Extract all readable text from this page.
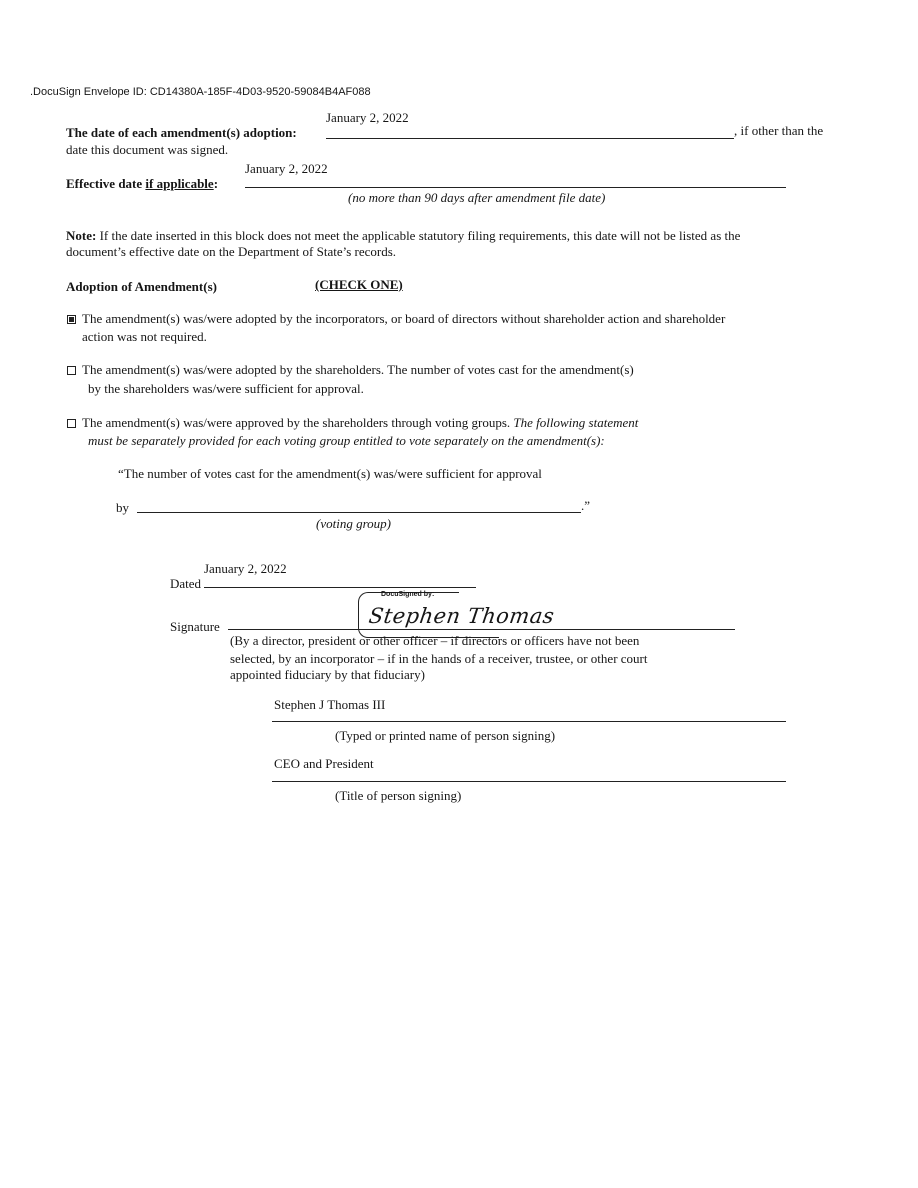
.DocuSign Envelope ID: CD14380A-185F-4D03-9520-59084B4AF088
January 2, 2022
The date of each amendment(s) adoption:	, if other than the
date this document was signed.
January 2, 2022
Effective date if applicable:
(no more than 90 days after amendment file date)
Note: If the date inserted in this block does not meet the applicable statutory filing requirements, this date will not be listed as the
document’s effective date on the Department of State’s records.
Adoption of Amendment(s)	(CHECK ONE)
The amendment(s) was/were adopted by the incorporators, or board of directors without shareholder action and shareholder
action was not required.
The amendment(s) was/were adopted by the shareholders. The number of votes cast for the amendment(s)
by the shareholders was/were sufficient for approval.
The amendment(s) was/were approved by the shareholders through voting groups. The following statement
must be separately provided for each voting group entitled to vote separately on the amendment(s):
“The number of votes cast for the amendment(s) was/were sufficient for approval
by	.”
(voting group)
January 2, 2022
Dated
DocuSigned by:
Stephen Thomas
Signature
(By a director, president or other officer – if directors or officers have not been
selected, by an incorporator – if in the hands of a receiver, trustee, or other court
appointed fiduciary by that fiduciary)
Stephen J Thomas III
(Typed or printed name of person signing)
CEO and President
(Title of person signing)
